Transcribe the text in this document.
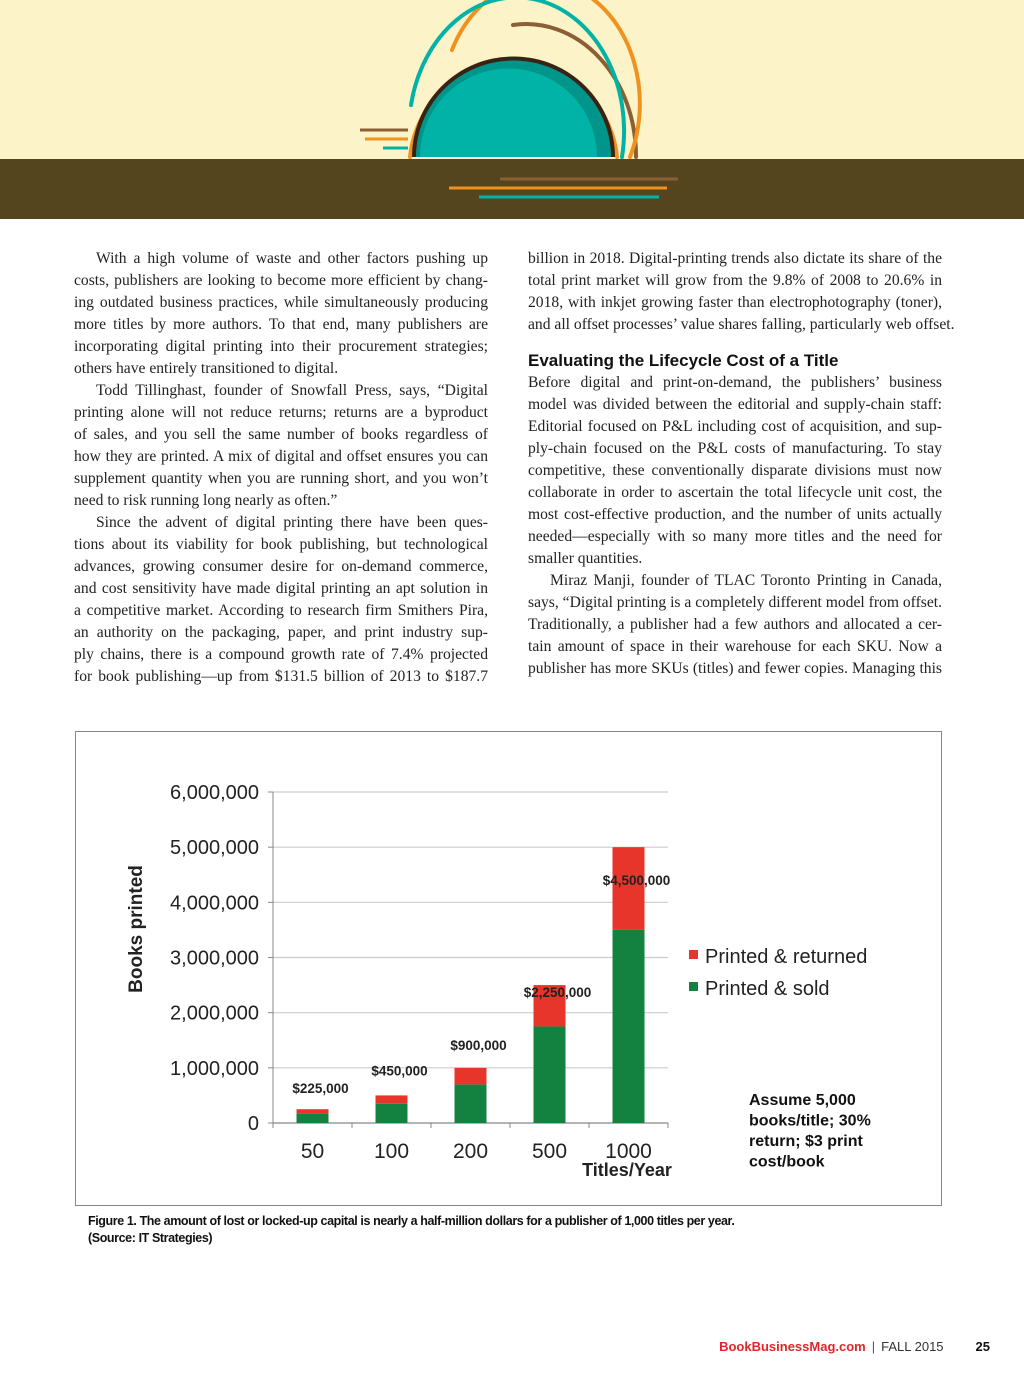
With a high volume of waste and other factors pushing up
costs, publishers are looking to become more efficient by chang-
ing outdated business practices, while simultaneously producing
more titles by more authors. To that end, many publishers are
incorporating digital printing into their procurement strategies;
others have entirely transitioned to digital.
Todd Tillinghast, founder of Snowfall Press, says, “Digital
printing alone will not reduce returns; returns are a byproduct
of sales, and you sell the same number of books regardless of
how they are printed. A mix of digital and offset ensures you can
supplement quantity when you are running short, and you won’t
need to risk running long nearly as often.”
Since the advent of digital printing there have been ques-
tions about its viability for book publishing, but technological
advances, growing consumer desire for on-demand commerce,
and cost sensitivity have made digital printing an apt solution in
a competitive market. According to research firm Smithers Pira,
an authority on the packaging, paper, and print industry sup-
ply chains, there is a compound growth rate of 7.4% projected
for book publishing—up from $131.5 billion of 2013 to $187.7
billion in 2018. Digital-printing trends also dictate its share of the
total print market will grow from the 9.8% of 2008 to 20.6% in
2018, with inkjet growing faster than electrophotography (toner),
and all offset processes’ value shares falling, particularly web offset.
Evaluating the Lifecycle Cost of a Title
Before digital and print-on-demand, the publishers’ business
model was divided between the editorial and supply-chain staff:
Editorial focused on P&L including cost of acquisition, and sup-
ply-chain focused on the P&L costs of manufacturing. To stay
competitive, these conventionally disparate divisions must now
collaborate in order to ascertain the total lifecycle unit cost, the
most cost-effective production, and the number of units actually
needed—especially with so many more titles and the need for
smaller quantities.
Miraz Manji, founder of TLAC Toronto Printing in Canada,
says, “Digital printing is a completely different model from offset.
Traditionally, a publisher had a few authors and allocated a cer-
tain amount of space in their warehouse for each SKU. Now a
publisher has more SKUs (titles) and fewer copies. Managing this
0
1,000,000
2,000,000
3,000,000
4,000,000
5,000,000
6,000,000
$225,000
50
$450,000
100
$900,000
200
$2,250,000
500
$4,500,000
1000
Titles/Year
Books printed	Printed & returned
Printed & sold
Assume 5,000
books/title; 30%
return; $3 print
cost/book
Figure 1. The amount of lost or locked-up capital is nearly a half-million dollars for a publisher of 1,000 titles per year.
(Source: IT Strategies)
BookBusinessMag.com | FALL 2015 25
